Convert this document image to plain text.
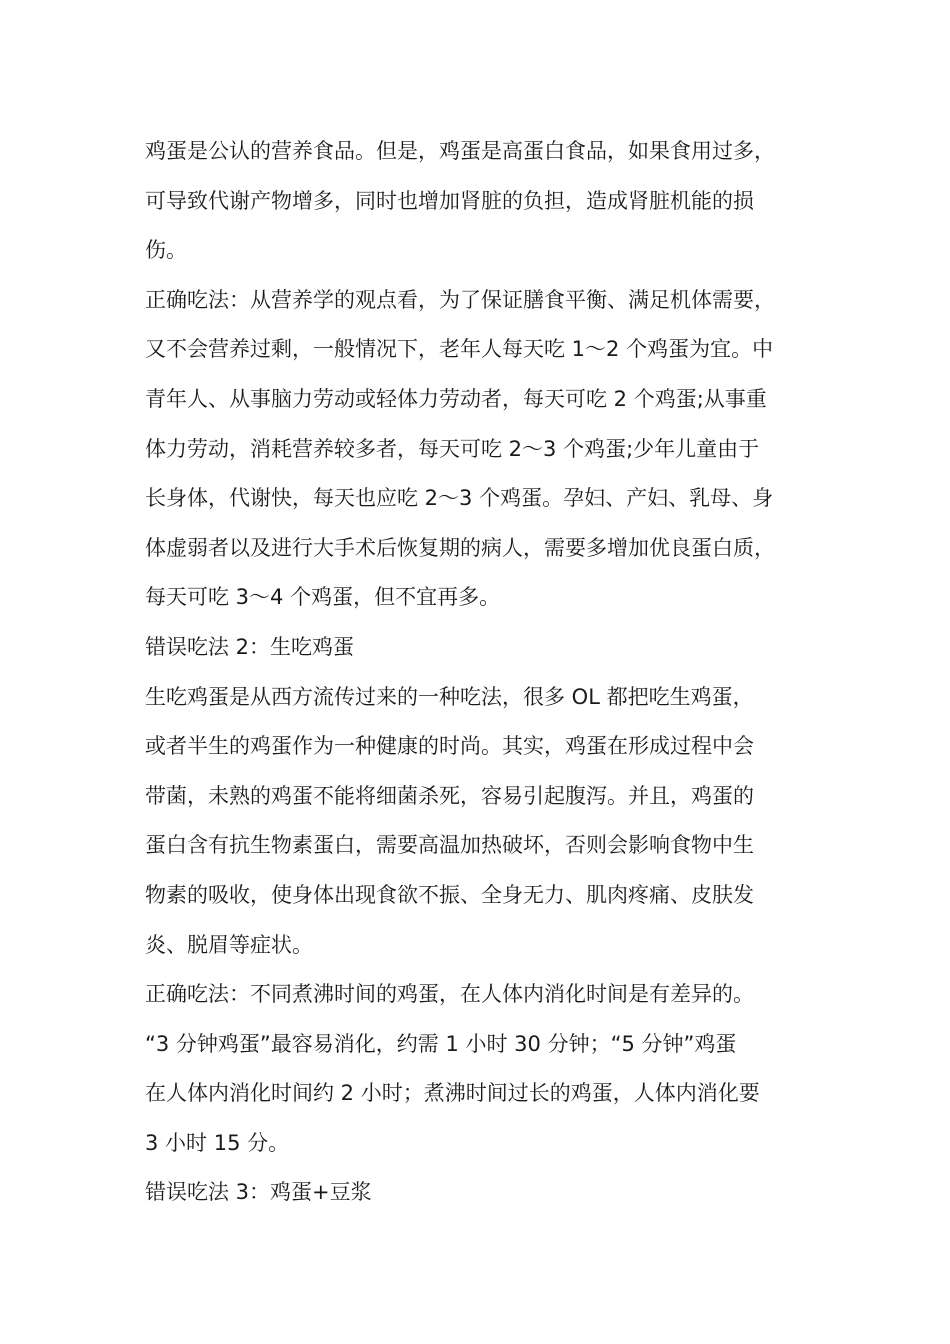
鸡蛋是公认的营养食品。但是，鸡蛋是高蛋白食品，如果食用过多，
可导致代谢产物增多，同时也增加肾脏的负担，造成肾脏机能的损
伤。
正确吃法：从营养学的观点看，为了保证膳食平衡、满足机体需要，
又不会营养过剩，一般情况下，老年人每天吃 1～2 个鸡蛋为宜。中
青年人、从事脑力劳动或轻体力劳动者，每天可吃 2 个鸡蛋;从事重
体力劳动，消耗营养较多者，每天可吃 2～3 个鸡蛋;少年儿童由于
长身体，代谢快，每天也应吃 2～3 个鸡蛋。孕妇、产妇、乳母、身
体虚弱者以及进行大手术后恢复期的病人，需要多增加优良蛋白质，
每天可吃 3～4 个鸡蛋，但不宜再多。
错误吃法 2：生吃鸡蛋
生吃鸡蛋是从西方流传过来的一种吃法，很多 OL 都把吃生鸡蛋，
或者半生的鸡蛋作为一种健康的时尚。其实，鸡蛋在形成过程中会
带菌，未熟的鸡蛋不能将细菌杀死，容易引起腹泻。并且，鸡蛋的
蛋白含有抗生物素蛋白，需要高温加热破坏，否则会影响食物中生
物素的吸收，使身体出现食欲不振、全身无力、肌肉疼痛、皮肤发
炎、脱眉等症状。
正确吃法：不同煮沸时间的鸡蛋，在人体内消化时间是有差异的。
“3 分钟鸡蛋”最容易消化，约需 1 小时 30 分钟；“5 分钟”鸡蛋
在人体内消化时间约 2 小时；煮沸时间过长的鸡蛋，人体内消化要
3 小时 15 分。
错误吃法 3：鸡蛋+豆浆
